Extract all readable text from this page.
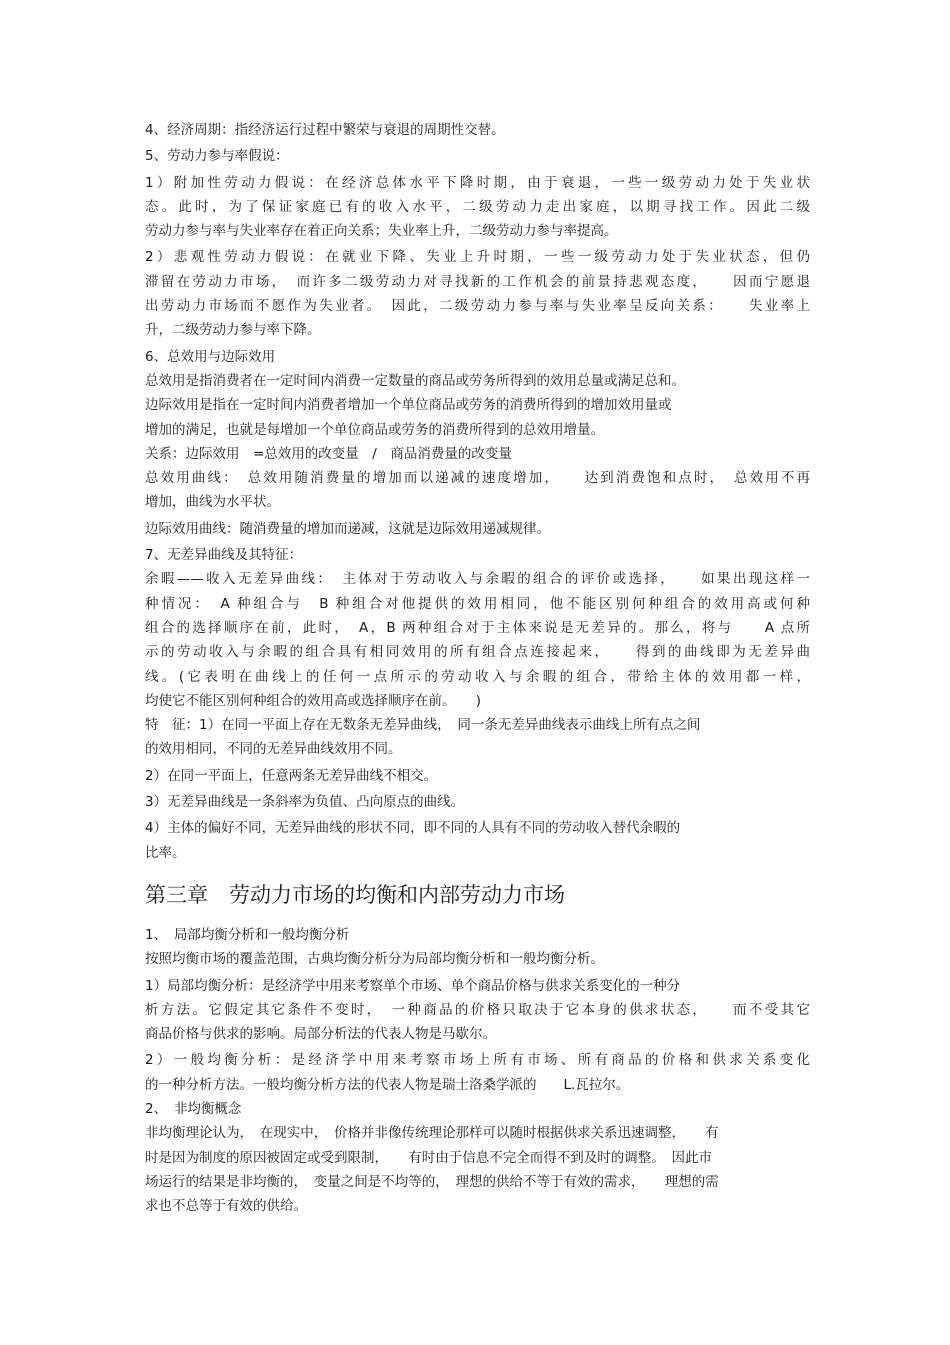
4、经济周期：指经济运行过程中繁荣与衰退的周期性交替。
5、劳动力参与率假说：
1）附加性劳动力假说：在经济总体水平下降时期，由于衰退，一些一级劳动力处于失业状
态。此时，为了保证家庭已有的收入水平，二级劳动力走出家庭，以期寻找工作。因此二级
劳动力参与率与失业率存在着正向关系；失业率上升，二级劳动力参与率提高。
2）悲观性劳动力假说：在就业下降、失业上升时期，一些一级劳动力处于失业状态，但仍
滞留在劳动力市场，　而许多二级劳动力对寻找新的工作机会的前景持悲观态度，　　因而宁愿退
出劳动力市场而不愿作为失业者。　因此，二级劳动力参与率与失业率呈反向关系：　　失业率上
升，二级劳动力参与率下降。
6、总效用与边际效用
总效用是指消费者在一定时间内消费一定数量的商品或劳务所得到的效用总量或满足总和。
边际效用是指在一定时间内消费者增加一个单位商品或劳务的消费所得到的增加效用量或
增加的满足，也就是每增加一个单位商品或劳务的消费所得到的总效用增量。
关系：边际效用　=总效用的改变量　/　商品消费量的改变量
总效用曲线：　总效用随消费量的增加而以递减的速度增加，　　达到消费饱和点时，　总效用不再
增加，曲线为水平状。
边际效用曲线：随消费量的增加而递减，这就是边际效用递减规律。
7、无差异曲线及其特征：
余暇——收入无差异曲线：　主体对于劳动收入与余暇的组合的评价或选择，　　如果出现这样一
种情况：　A 种组合与　B 种组合对他提供的效用相同，他不能区别何种组合的效用高或何种
组合的选择顺序在前，此时，　A，B 两种组合对于主体来说是无差异的。那么，将与　　A 点所
示的劳动收入与余暇的组合具有相同效用的所有组合点连接起来，　　得到的曲线即为无差异曲
线。(它表明在曲线上的任何一点所示的劳动收入与余暇的组合，带给主体的效用都一样，
均使它不能区别何种组合的效用高或选择顺序在前。　　)
特　征：1）在同一平面上存在无数条无差异曲线，　同一条无差异曲线表示曲线上所有点之间
的效用相同，不同的无差异曲线效用不同。
2）在同一平面上，任意两条无差异曲线不相交。
3）无差异曲线是一条斜率为负值、凸向原点的曲线。
4）主体的偏好不同，无差异曲线的形状不同，即不同的人具有不同的劳动收入替代余暇的
比率。
第三章　劳动力市场的均衡和内部劳动力市场
1、　局部均衡分析和一般均衡分析
按照均衡市场的覆盖范围，古典均衡分析分为局部均衡分析和一般均衡分析。
1）局部均衡分析：是经济学中用来考察单个市场、单个商品价格与供求关系变化的一种分
析方法。它假定其它条件不变时，　一种商品的价格只取决于它本身的供求状态，　　而不受其它
商品价格与供求的影响。局部分析法的代表人物是马歇尔。
2）一般均衡分析：是经济学中用来考察市场上所有市场、所有商品的价格和供求关系变化
的一种分析方法。一般均衡分析方法的代表人物是瑞士洛桑学派的　　L.瓦拉尔。
2、　非均衡概念
非均衡理论认为，　在现实中，　价格并非像传统理论那样可以随时根据供求关系迅速调整，　　有
时是因为制度的原因被固定或受到限制，　　有时由于信息不完全而得不到及时的调整。　因此市
场运行的结果是非均衡的，　变量之间是不均等的，　理想的供给不等于有效的需求，　　理想的需
求也不总等于有效的供给。
